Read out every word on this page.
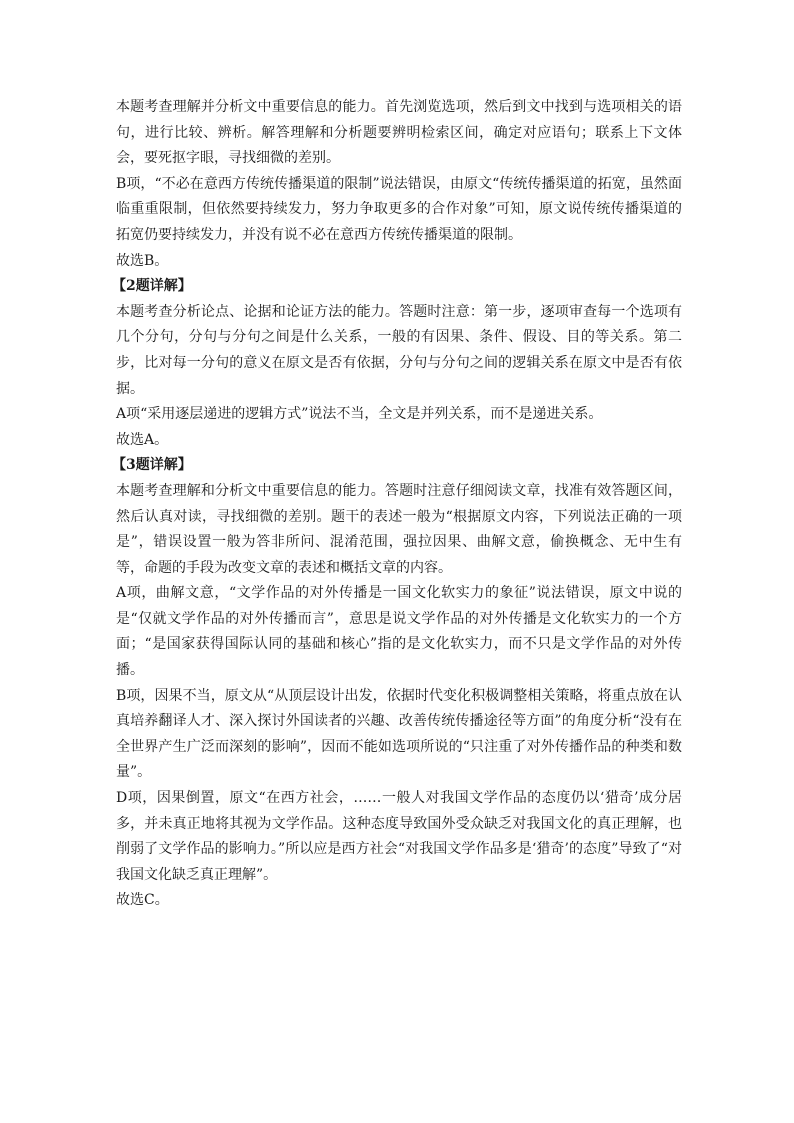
本题考查理解并分析文中重要信息的能力。首先浏览选项，然后到文中找到与选项相关的语句，进行比较、辨析。解答理解和分析题要辨明检索区间，确定对应语句；联系上下文体会，要死抠字眼，寻找细微的差别。

B项，“不必在意西方传统传播渠道的限制”说法错误，由原文“传统传播渠道的拓宽，虽然面临重重限制，但依然要持续发力，努力争取更多的合作对象”可知，原文说传统传播渠道的拓宽仍要持续发力，并没有说不必在意西方传统传播渠道的限制。

故选B。

【2题详解】

本题考查分析论点、论据和论证方法的能力。答题时注意：第一步，逐项审查每一个选项有几个分句，分句与分句之间是什么关系，一般的有因果、条件、假设、目的等关系。第二步，比对每一分句的意义在原文是否有依据，分句与分句之间的逻辑关系在原文中是否有依据。

A项“采用逐层递进的逻辑方式”说法不当，全文是并列关系，而不是递进关系。

故选A。

【3题详解】

本题考查理解和分析文中重要信息的能力。答题时注意仔细阅读文章，找准有效答题区间，然后认真对读，寻找细微的差别。题干的表述一般为“根据原文内容，下列说法正确的一项是”，错误设置一般为答非所问、混淆范围，强拉因果、曲解文意，偷换概念、无中生有等，命题的手段为改变文章的表述和概括文章的内容。

A项，曲解文意，“文学作品的对外传播是一国文化软实力的象征”说法错误，原文中说的是“仅就文学作品的对外传播而言”，意思是说文学作品的对外传播是文化软实力的一个方面；“是国家获得国际认同的基础和核心”指的是文化软实力，而不只是文学作品的对外传播。

B项，因果不当，原文从“从顶层设计出发，依据时代变化积极调整相关策略，将重点放在认真培养翻译人才、深入探讨外国读者的兴趣、改善传统传播途径等方面”的角度分析“没有在全世界产生广泛而深刻的影响”，因而不能如选项所说的“只注重了对外传播作品的种类和数量”。

D项，因果倒置，原文“在西方社会，……一般人对我国文学作品的态度仍以‘猎奇’成分居多，并未真正地将其视为文学作品。这种态度导致国外受众缺乏对我国文化的真正理解，也削弱了文学作品的影响力。”所以应是西方社会“对我国文学作品多是‘猎奇’的态度”导致了“对我国文化缺乏真正理解”。

故选C。
